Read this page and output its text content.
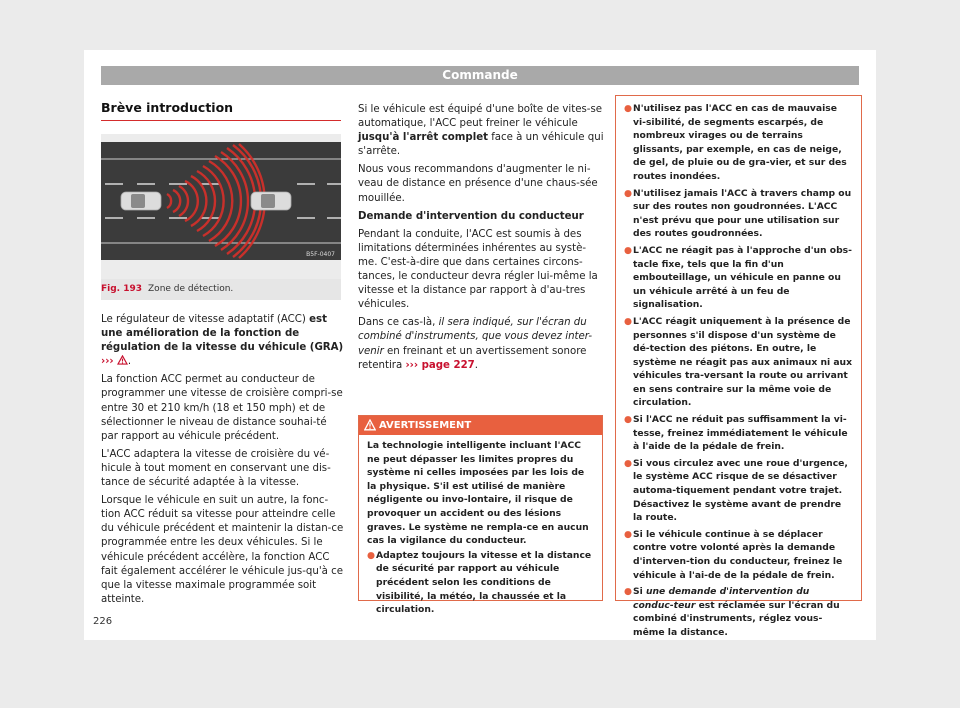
Commande
Brève introduction
B5F-0407
Fig. 193 Zone de détection.

Le régulateur de vitesse adaptatif (ACC) est une amélioration de la fonction de régulation de la vitesse du véhicule (GRA) ››› .

La fonction ACC permet au conducteur de programmer une vitesse de croisière compri-se entre 30 et 210 km/h (18 et 150 mph) et de sélectionner le niveau de distance souhai-té par rapport au véhicule précédent.

L'ACC adaptera la vitesse de croisière du vé-hicule à tout moment en conservant une dis-tance de sécurité adaptée à la vitesse.

Lorsque le véhicule en suit un autre, la fonc-tion ACC réduit sa vitesse pour atteindre celle du véhicule précédent et maintenir la distan-ce programmée entre les deux véhicules. Si le véhicule précédent accélère, la fonction ACC fait également accélérer le véhicule jus-qu'à ce que la vitesse maximale programmée soit atteinte.

Si le véhicule est équipé d'une boîte de vites-se automatique, l'ACC peut freiner le véhicule jusqu'à l'arrêt complet face à un véhicule qui s'arrête.

Nous vous recommandons d'augmenter le ni-veau de distance en présence d'une chaus-sée mouillée.

Demande d'intervention du conducteur

Pendant la conduite, l'ACC est soumis à des limitations déterminées inhérentes au systè-me. C'est-à-dire que dans certaines circons-tances, le conducteur devra régler lui-même la vitesse et la distance par rapport à d'au-tres véhicules.

Dans ce cas-là, il sera indiqué, sur l'écran du combiné d'instruments, que vous devez inter-venir en freinant et un avertissement sonore retentira ››› page 227.

AVERTISSEMENT

La technologie intelligente incluant l'ACC ne peut dépasser les limites propres du système ni celles imposées par les lois de la physique. S'il est utilisé de manière négligente ou invo-lontaire, il risque de provoquer un accident ou des lésions graves. Le système ne rempla-ce en aucun cas la vigilance du conducteur.

● Adaptez toujours la vitesse et la distance de sécurité par rapport au véhicule précédent selon les conditions de visibilité, la météo, la chaussée et la circulation.
● N'utilisez pas l'ACC en cas de mauvaise vi-sibilité, de segments escarpés, de nombreux virages ou de terrains glissants, par exemple, en cas de neige, de gel, de pluie ou de gra-vier, et sur des routes inondées.
● N'utilisez jamais l'ACC à travers champ ou sur des routes non goudronnées. L'ACC n'est prévu que pour une utilisation sur des routes goudronnées.
● L'ACC ne réagit pas à l'approche d'un obs-tacle fixe, tels que la fin d'un embouteillage, un véhicule en panne ou un véhicule arrêté à un feu de signalisation.
● L'ACC réagit uniquement à la présence de personnes s'il dispose d'un système de dé-tection des piétons. En outre, le système ne réagit pas aux animaux ni aux véhicules tra-versant la route ou arrivant en sens contraire sur la même voie de circulation.
● Si l'ACC ne réduit pas suffisamment la vi-tesse, freinez immédiatement le véhicule à l'aide de la pédale de frein.
● Si vous circulez avec une roue d'urgence, le système ACC risque de se désactiver automa-tiquement pendant votre trajet. Désactivez le système avant de prendre la route.
● Si le véhicule continue à se déplacer contre votre volonté après la demande d'interven-tion du conducteur, freinez le véhicule à l'ai-de de la pédale de frein.
● Si une demande d'intervention du conduc-teur est réclamée sur l'écran du combiné d'instruments, réglez vous-même la distance.
226
